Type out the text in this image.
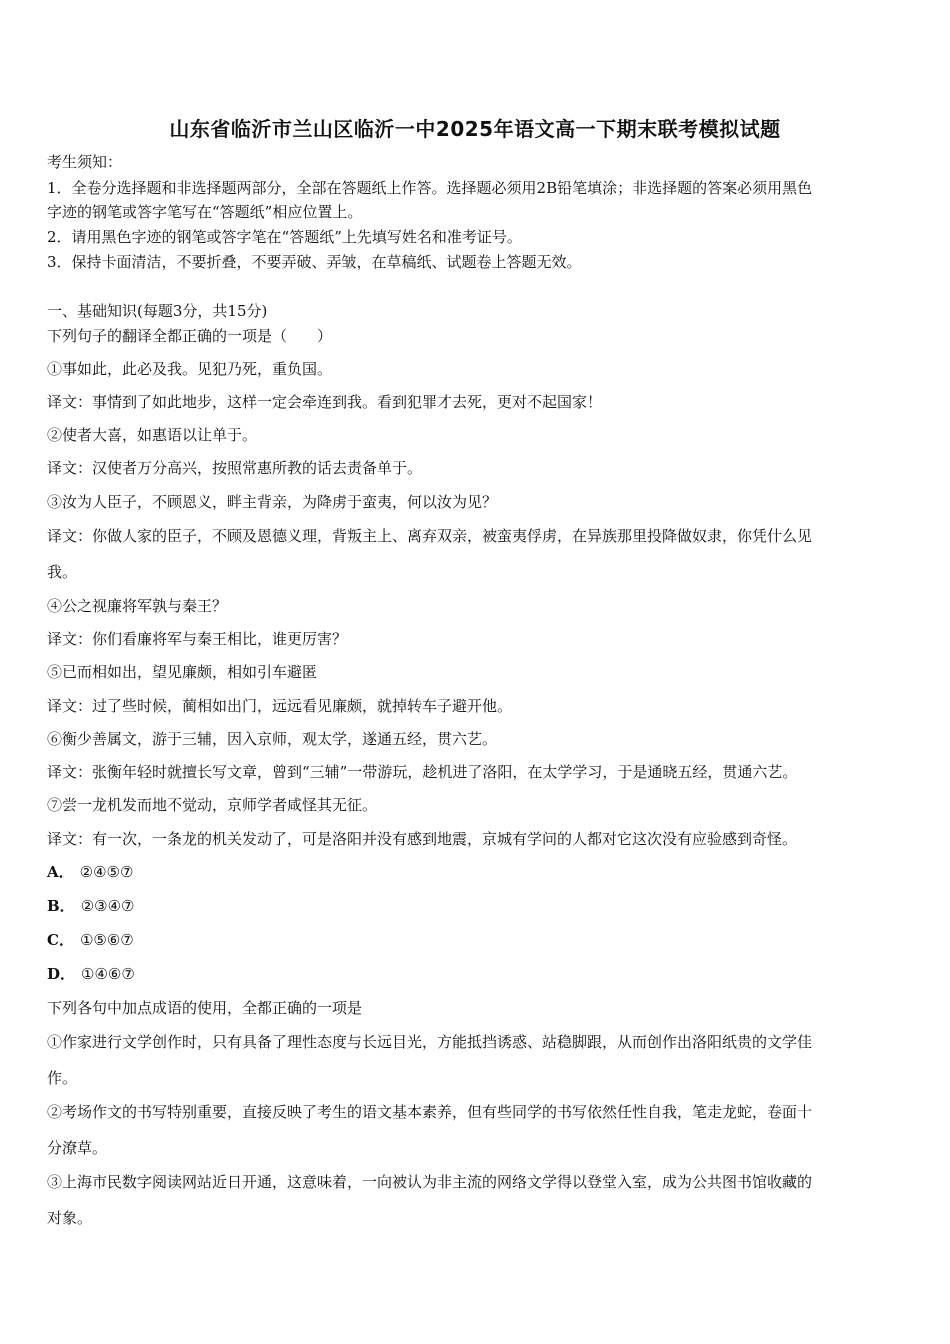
山东省临沂市兰山区临沂一中2025年语文高一下期末联考模拟试题
考生须知：
1．全卷分选择题和非选择题两部分，全部在答题纸上作答。选择题必须用2B铅笔填涂；非选择题的答案必须用黑色
字迹的钢笔或答字笔写在“答题纸”相应位置上。
2．请用黑色字迹的钢笔或答字笔在“答题纸”上先填写姓名和准考证号。
3．保持卡面清洁，不要折叠，不要弄破、弄皱，在草稿纸、试题卷上答题无效。
一、基础知识(每题3分，共15分)
下列句子的翻译全都正确的一项是（　　）
①事如此，此必及我。见犯乃死，重负国。
译文：事情到了如此地步，这样一定会牵连到我。看到犯罪才去死，更对不起国家！
②使者大喜，如惠语以让单于。
译文：汉使者万分高兴，按照常惠所教的话去责备单于。
③汝为人臣子，不顾恩义，畔主背亲，为降虏于蛮夷，何以汝为见？
译文：你做人家的臣子，不顾及恩德义理，背叛主上、离弃双亲，被蛮夷俘虏，在异族那里投降做奴隶，你凭什么见
我。
④公之视廉将军孰与秦王？
译文：你们看廉将军与秦王相比，谁更厉害？
⑤已而相如出，望见廉颇，相如引车避匿
译文：过了些时候，蔺相如出门，远远看见廉颇，就掉转车子避开他。
⑥衡少善属文，游于三辅，因入京师，观太学，遂通五经，贯六艺。
译文：张衡年轻时就擅长写文章，曾到“三辅”一带游玩，趁机进了洛阳，在太学学习，于是通晓五经，贯通六艺。
⑦尝一龙机发而地不觉动，京师学者咸怪其无征。
译文：有一次，一条龙的机关发动了，可是洛阳并没有感到地震，京城有学问的人都对它这次没有应验感到奇怪。
A． ②④⑤⑦
B． ②③④⑦
C． ①⑤⑥⑦
D． ①④⑥⑦
下列各句中加点成语的使用，全都正确的一项是
①作家进行文学创作时，只有具备了理性态度与长远目光，方能抵挡诱惑、站稳脚跟，从而创作出洛阳纸贵的文学佳
作。
②考场作文的书写特别重要，直接反映了考生的语文基本素养，但有些同学的书写依然任性自我，笔走龙蛇，卷面十
分潦草。
③上海市民数字阅读网站近日开通，这意味着，一向被认为非主流的网络文学得以登堂入室，成为公共图书馆收藏的
对象。
